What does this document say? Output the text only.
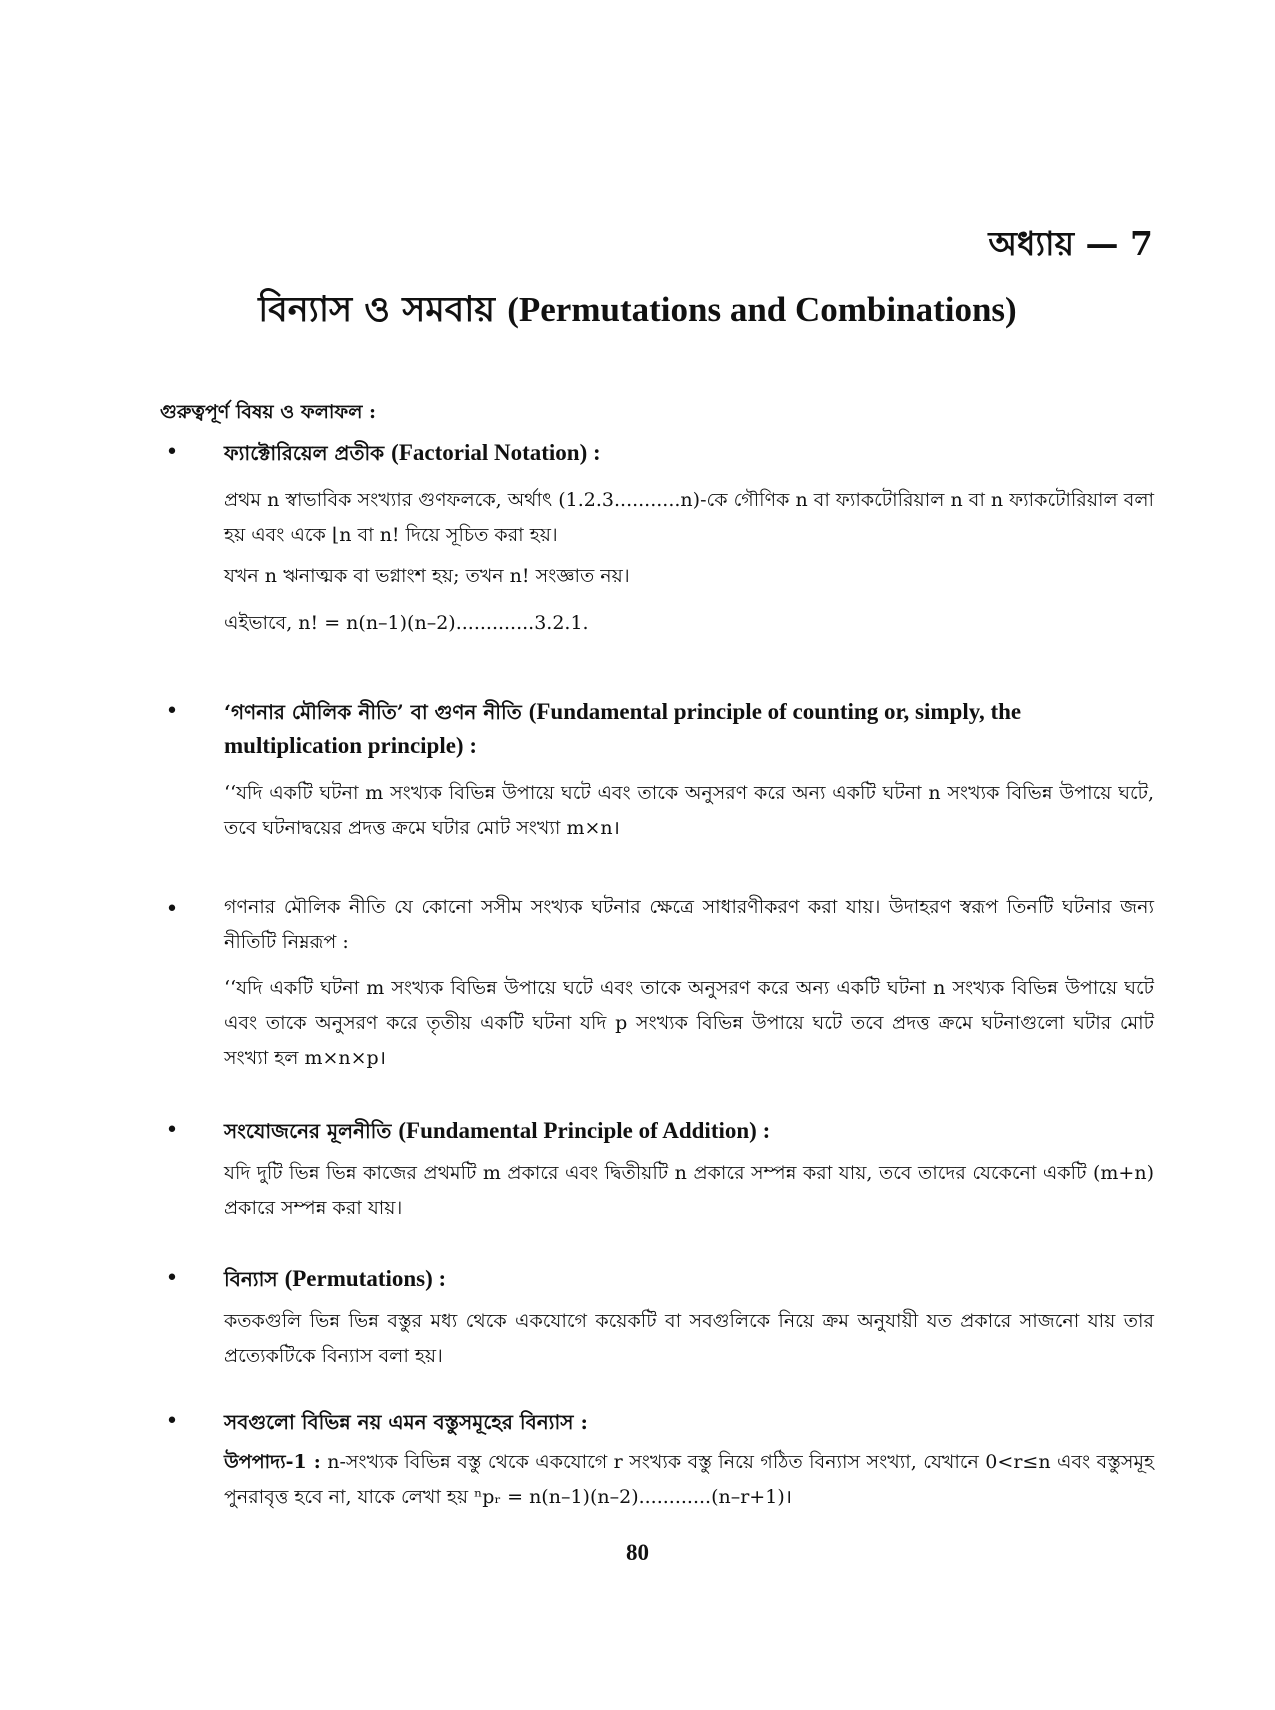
অধ্যায় — 7
বিন্যাস ও সমবায় (Permutations and Combinations)
গুরুত্বপূর্ণ বিষয় ও ফলাফল :
• ফ্যাক্টোরিয়েল প্রতীক (Factorial Notation) :
প্রথম n স্বাভাবিক সংখ্যার গুণফলকে, অর্থাৎ (1.2.3...........n)-কে গৌণিক n বা ফ্যাকটোরিয়াল n বা n ফ্যাকটোরিয়াল বলা হয় এবং একে ⌊n বা n! দিয়ে সূচিত করা হয়।
যখন n ঋনাত্মক বা ভগ্নাংশ হয়; তখন n! সংজ্ঞাত নয়।
এইভাবে, n! = n(n–1)(n–2).............3.2.1.
• ‘গণনার মৌলিক নীতি’ বা গুণন নীতি (Fundamental principle of counting or, simply, the multiplication principle) :
‘‘যদি একটি ঘটনা m সংখ্যক বিভিন্ন উপায়ে ঘটে এবং তাকে অনুসরণ করে অন্য একটি ঘটনা n সংখ্যক বিভিন্ন উপায়ে ঘটে, তবে ঘটনাদ্বয়ের প্রদত্ত ক্রমে ঘটার মোট সংখ্যা m×n।
• গণনার মৌলিক নীতি যে কোনো সসীম সংখ্যক ঘটনার ক্ষেত্রে সাধারণীকরণ করা যায়। উদাহরণ স্বরূপ তিনটি ঘটনার জন্য নীতিটি নিম্নরূপ :
‘‘যদি একটি ঘটনা m সংখ্যক বিভিন্ন উপায়ে ঘটে এবং তাকে অনুসরণ করে অন্য একটি ঘটনা n সংখ্যক বিভিন্ন উপায়ে ঘটে এবং তাকে অনুসরণ করে তৃতীয় একটি ঘটনা যদি p সংখ্যক বিভিন্ন উপায়ে ঘটে তবে প্রদত্ত ক্রমে ঘটনাগুলো ঘটার মোট সংখ্যা হল m×n×p।
• সংযোজনের মূলনীতি (Fundamental Principle of Addition) :
যদি দুটি ভিন্ন ভিন্ন কাজের প্রথমটি m প্রকারে এবং দ্বিতীয়টি n প্রকারে সম্পন্ন করা যায়, তবে তাদের যেকেনো একটি (m+n) প্রকারে সম্পন্ন করা যায়।
• বিন্যাস (Permutations) :
কতকগুলি ভিন্ন ভিন্ন বস্তুর মধ্য থেকে একযোগে কয়েকটি বা সবগুলিকে নিয়ে ক্রম অনুযায়ী যত প্রকারে সাজনো যায় তার প্রত্যেকটিকে বিন্যাস বলা হয়।
• সবগুলো বিভিন্ন নয় এমন বস্তুসমূহের বিন্যাস :
উপপাদ্য-1 : n-সংখ্যক বিভিন্ন বস্তু থেকে একযোগে r সংখ্যক বস্তু নিয়ে গঠিত বিন্যাস সংখ্যা, যেখানে 0<r≤n এবং বস্তুসমূহ পুনরাবৃত্ত হবে না, যাকে লেখা হয় ⁿpᵣ = n(n–1)(n–2)............(n–r+1)।
80
